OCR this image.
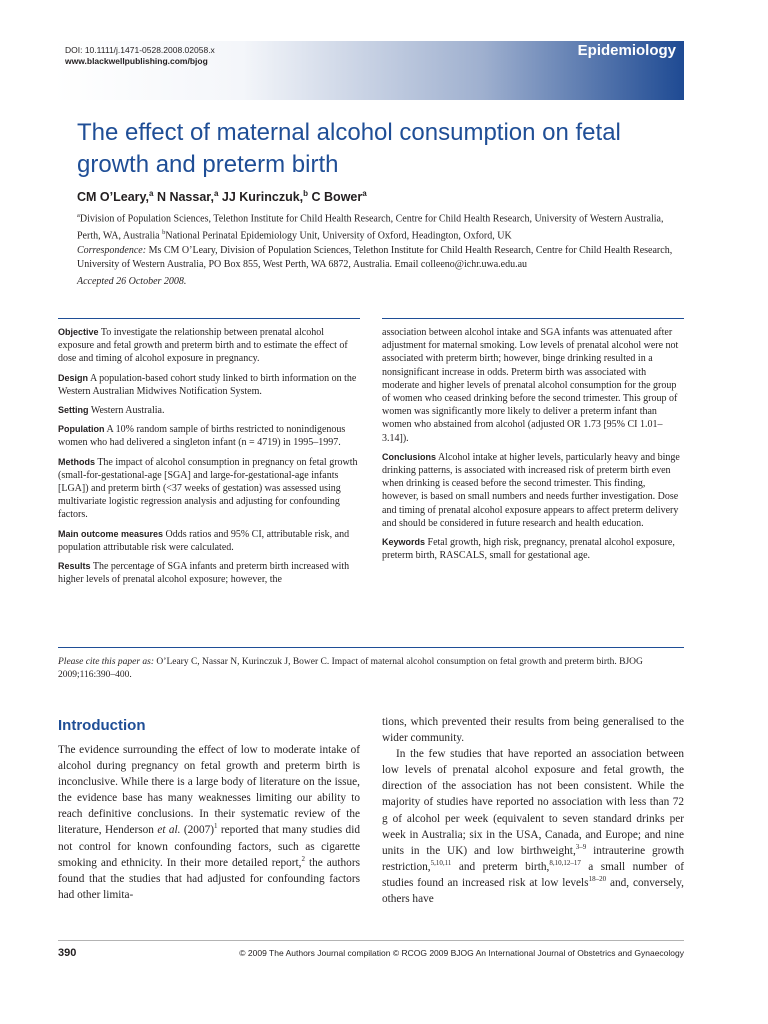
DOI: 10.1111/j.1471-0528.2008.02058.x
www.blackwellpublishing.com/bjog
Epidemiology
The effect of maternal alcohol consumption on fetal growth and preterm birth
CM O’Leary,$^a$ N Nassar,$^a$ JJ Kurinczuk,$^b$ C Bower$^a$

$^a$Division of Population Sciences, Telethon Institute for Child Health Research, Centre for Child Health Research, University of Western Australia, Perth, WA, Australia $^b$National Perinatal Epidemiology Unit, University of Oxford, Headington, Oxford, UK

Correspondence: Ms CM O’Leary, Division of Population Sciences, Telethon Institute for Child Health Research, Centre for Child Health Research, University of Western Australia, PO Box 855, West Perth, WA 6872, Australia. Email colleeno@ichr.uwa.edu.au

Accepted 26 October 2008.

Objective To investigate the relationship between prenatal alcohol exposure and fetal growth and preterm birth and to estimate the effect of dose and timing of alcohol exposure in pregnancy.

Design A population-based cohort study linked to birth information on the Western Australian Midwives Notification System.

Setting Western Australia.

Population A 10% random sample of births restricted to nonindigenous women who had delivered a singleton infant (n = 4719) in 1995–1997.

Methods The impact of alcohol consumption in pregnancy on fetal growth (small-for-gestational-age [SGA] and large-for-gestational-age infants [LGA]) and preterm birth (<37 weeks of gestation) was assessed using multivariate logistic regression analysis and adjusting for confounding factors.

Main outcome measures Odds ratios and 95% CI, attributable risk, and population attributable risk were calculated.

Results The percentage of SGA infants and preterm birth increased with higher levels of prenatal alcohol exposure; however, the

association between alcohol intake and SGA infants was attenuated after adjustment for maternal smoking. Low levels of prenatal alcohol were not associated with preterm birth; however, binge drinking resulted in a nonsignificant increase in odds. Preterm birth was associated with moderate and higher levels of prenatal alcohol consumption for the group of women who ceased drinking before the second trimester. This group of women was significantly more likely to deliver a preterm infant than women who abstained from alcohol (adjusted OR 1.73 [95% CI 1.01–3.14]).

Conclusions Alcohol intake at higher levels, particularly heavy and binge drinking patterns, is associated with increased risk of preterm birth even when drinking is ceased before the second trimester. This finding, however, is based on small numbers and needs further investigation. Dose and timing of prenatal alcohol exposure appears to affect preterm delivery and should be considered in future research and health education.

Keywords Fetal growth, high risk, pregnancy, prenatal alcohol exposure, preterm birth, RASCALS, small for gestational age.

Please cite this paper as: O’Leary C, Nassar N, Kurinczuk J, Bower C. Impact of maternal alcohol consumption on fetal growth and preterm birth. BJOG 2009;116:390–400.
Introduction

The evidence surrounding the effect of low to moderate intake of alcohol during pregnancy on fetal growth and preterm birth is inconclusive. While there is a large body of literature on the issue, the evidence base has many weaknesses limiting our ability to reach definitive conclusions. In their systematic review of the literature, Henderson et al. $(2007)^1$ reported that many studies did not control for known confounding factors, such as cigarette smoking and ethnicity. In their more detailed report,$^2$ the authors found that the studies that had adjusted for confounding factors had other limita-

tions, which prevented their results from being generalised to the wider community.
In the few studies that have reported an association between low levels of prenatal alcohol exposure and fetal growth, the direction of the association has not been consistent. While the majority of studies have reported no association with less than 72 g of alcohol per week (equivalent to seven standard drinks per week in Australia; six in the USA, Canada, and Europe; and nine units in the UK) and low birthweight,$^{3-9}$ intrauterine growth restriction,$^{5,10,11}$ and preterm birth,$^{8,10,12-17}$ a small number of studies found an increased risk at low levels$^{18-20}$ and, conversely, others have
390	© 2009 The Authors Journal compilation © RCOG 2009 BJOG An International Journal of Obstetrics and Gynaecology
